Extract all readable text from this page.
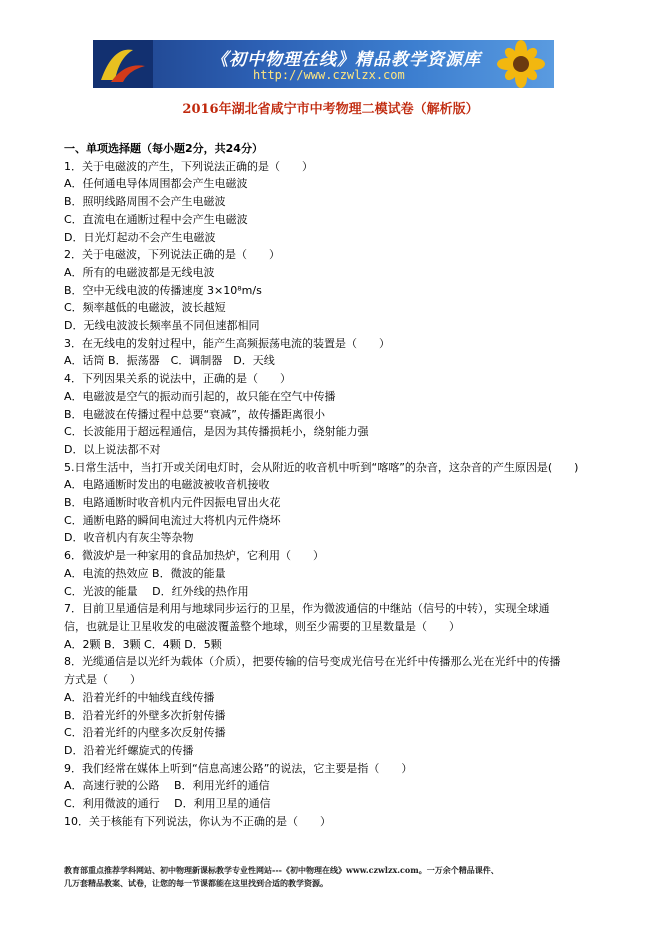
《初中物理在线》精品教学资源库
http://www.czwlzx.com
2016年湖北省咸宁市中考物理二模试卷（解析版）
一、单项选择题（每小题2分，共24分）
1．关于电磁波的产生，下列说法正确的是（　　）
A．任何通电导体周围都会产生电磁波
B．照明线路周围不会产生电磁波
C．直流电在通断过程中会产生电磁波
D．日光灯起动不会产生电磁波
2．关于电磁波，下列说法正确的是（　　）
A．所有的电磁波都是无线电波
B．空中无线电波的传播速度 3×10⁸m/s
C．频率越低的电磁波，波长越短
D．无线电波波长频率虽不同但速都相同
3．在无线电的发射过程中，能产生高频振荡电流的装置是（　　）
A．话筒 B．振荡器　C．调制器　D．天线
4．下列因果关系的说法中，正确的是（　　）
A．电磁波是空气的振动而引起的，故只能在空气中传播
B．电磁波在传播过程中总要“衰减”，故传播距离很小
C．长波能用于超远程通信，是因为其传播损耗小，绕射能力强
D．以上说法都不对
5.日常生活中，当打开或关闭电灯时，会从附近的收音机中听到“喀喀”的杂音，这杂音的产生原因是(　　)
A．电路通断时发出的电磁波被收音机接收
B．电路通断时收音机内元件因振电冒出火花
C．通断电路的瞬间电流过大将机内元件烧坏
D．收音机内有灰尘等杂物
6．微波炉是一种家用的食品加热炉，它利用（　　）
A．电流的热效应 B．微波的能量
C．光波的能量　 D．红外线的热作用
7．目前卫星通信是利用与地球同步运行的卫星，作为微波通信的中继站（信号的中转），实现全球通
信，也就是让卫星收发的电磁波覆盖整个地球，则至少需要的卫星数量是（　　）
A．2颗 B．3颗 C．4颗 D．5颗
8．光缆通信是以光纤为载体（介质），把要传输的信号变成光信号在光纤中传播那么光在光纤中的传播
方式是（　　）
A．沿着光纤的中轴线直线传播
B．沿着光纤的外壁多次折射传播
C．沿着光纤的内壁多次反射传播
D．沿着光纤螺旋式的传播
9．我们经常在媒体上听到“信息高速公路”的说法，它主要是指（　　）
A．高速行驶的公路　 B．利用光纤的通信
C．利用微波的通行　 D．利用卫星的通信
10．关于核能有下列说法，你认为不正确的是（　　）
教育部重点推荐学科网站、初中物理新课标教学专业性网站---《初中物理在线》www.czwlzx.com。一万余个精品课件、
几万套精品教案、试卷，让您的每一节课都能在这里找到合适的教学资源。
